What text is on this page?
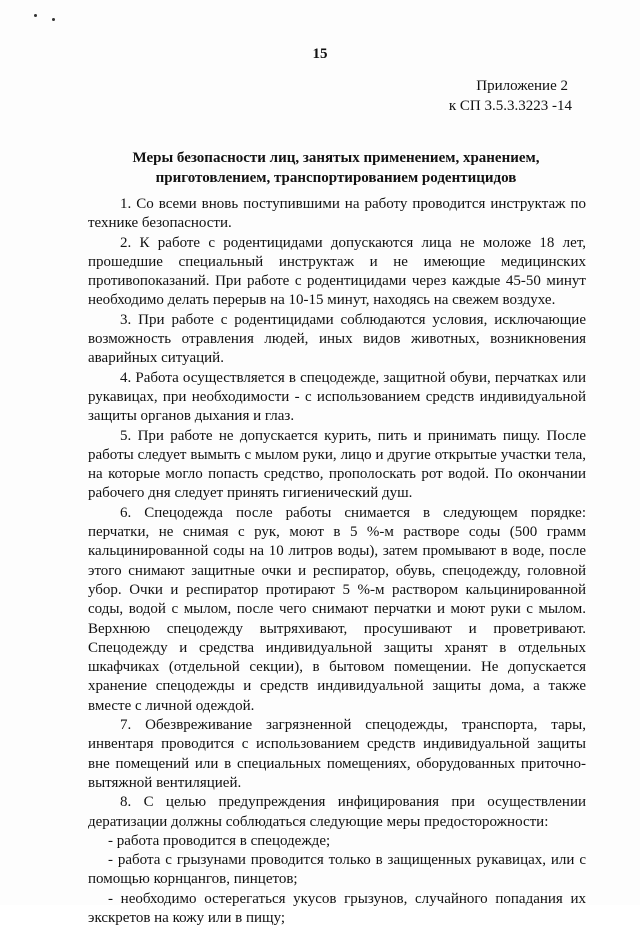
15
Приложение 2
к СП 3.5.3.3223 -14
Меры безопасности лиц, занятых применением, хранением,
приготовлением, транспортированием родентицидов

1. Со всеми вновь поступившими на работу проводится инструктаж по технике безопасности.

2. К работе с родентицидами допускаются лица не моложе 18 лет, прошедшие специальный инструктаж и не имеющие медицинских противопоказаний. При работе с родентицидами через каждые 45-50 минут необходимо делать перерыв на 10-15 минут, находясь на свежем воздухе.

3. При работе с родентицидами соблюдаются условия, исключающие возможность отравления людей, иных видов животных, возникновения аварийных ситуаций.

4. Работа осуществляется в спецодежде, защитной обуви, перчатках или рукавицах, при необходимости - с использованием средств индивидуальной защиты органов дыхания и глаз.

5. При работе не допускается курить, пить и принимать пищу. После работы следует вымыть с мылом руки, лицо и другие открытые участки тела, на которые могло попасть средство, прополоскать рот водой. По окончании рабочего дня следует принять гигиенический душ.

6. Спецодежда после работы снимается в следующем порядке: перчатки, не снимая с рук, моют в 5 %-м растворе соды (500 грамм кальцинированной соды на 10 литров воды), затем промывают в воде, после этого снимают защитные очки и респиратор, обувь, спецодежду, головной убор. Очки и респиратор протирают 5 %-м раствором кальцинированной соды, водой с мылом, после чего снимают перчатки и моют руки с мылом. Верхнюю спецодежду вытряхивают, просушивают и проветривают. Спецодежду и средства индивидуальной защиты хранят в отдельных шкафчиках (отдельной секции), в бытовом помещении. Не допускается хранение спецодежды и средств индивидуальной защиты дома, а также вместе с личной одеждой.

7. Обезвреживание загрязненной спецодежды, транспорта, тары, инвентаря проводится с использованием средств индивидуальной защиты вне помещений или в специальных помещениях, оборудованных приточно-вытяжной вентиляцией.

8. С целью предупреждения инфицирования при осуществлении дератизации должны соблюдаться следующие меры предосторожности:

- работа проводится в спецодежде;

- работа с грызунами проводится только в защищенных рукавицах, или с помощью корнцангов, пинцетов;

- необходимо остерегаться укусов грызунов, случайного попадания их экскретов на кожу или в пищу;
